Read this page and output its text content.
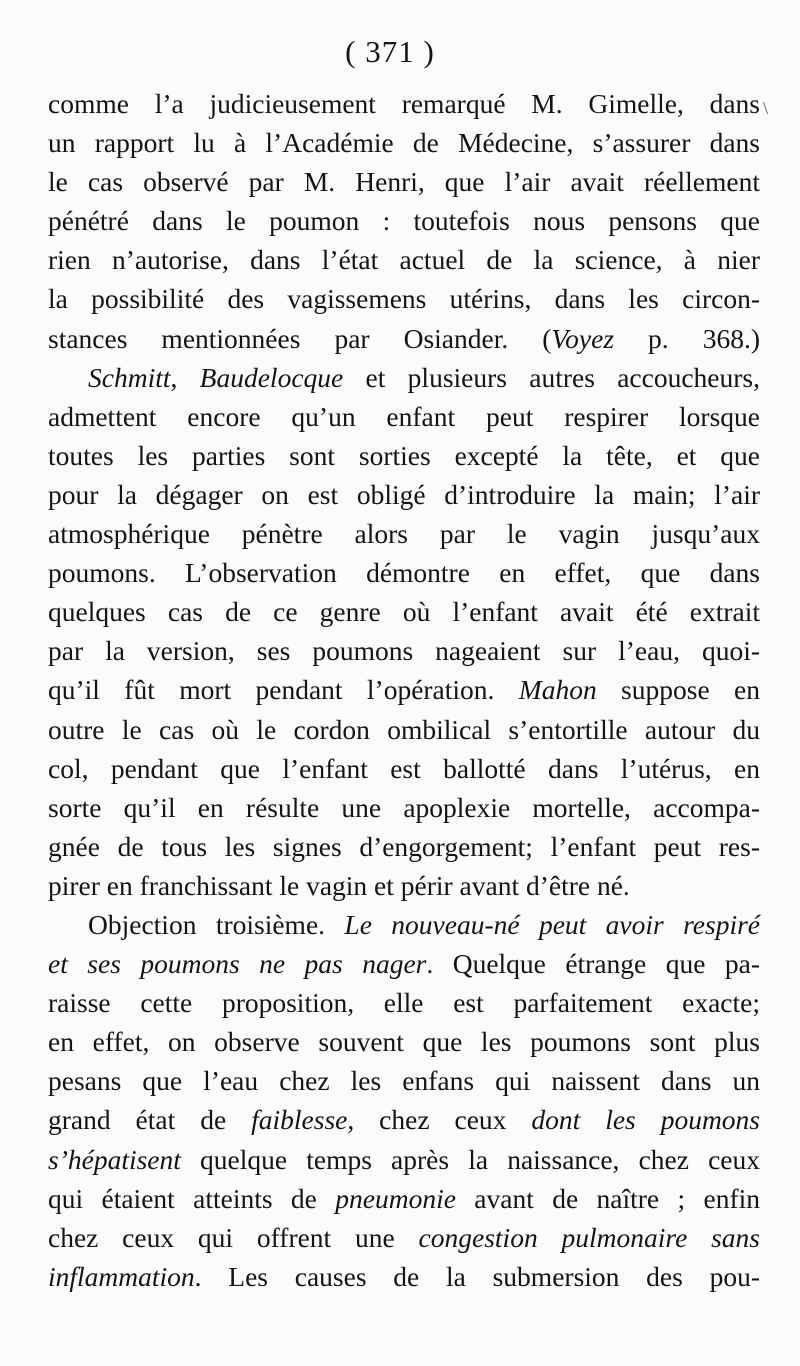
( 371 )
\
comme l’a judicieusement remarqué M. Gimelle, dans
un rapport lu à l’Académie de Médecine, s’assurer dans
le cas observé par M. Henri, que l’air avait réellement
pénétré dans le poumon : toutefois nous pensons que
rien n’autorise, dans l’état actuel de la science, à nier
la possibilité des vagissemens utérins, dans les circon-
stances mentionnées par Osiander. (Voyez p. 368.)
Schmitt, Baudelocque et plusieurs autres accoucheurs,
admettent encore qu’un enfant peut respirer lorsque
toutes les parties sont sorties excepté la tête, et que
pour la dégager on est obligé d’introduire la main; l’air
atmosphérique pénètre alors par le vagin jusqu’aux
poumons. L’observation démontre en effet, que dans
quelques cas de ce genre où l’enfant avait été extrait
par la version, ses poumons nageaient sur l’eau, quoi-
qu’il fût mort pendant l’opération. Mahon suppose en
outre le cas où le cordon ombilical s’entortille autour du
col, pendant que l’enfant est ballotté dans l’utérus, en
sorte qu’il en résulte une apoplexie mortelle, accompa-
gnée de tous les signes d’engorgement; l’enfant peut res-
pirer en franchissant le vagin et périr avant d’être né.
Objection troisième. Le nouveau-né peut avoir respiré
et ses poumons ne pas nager. Quelque étrange que pa-
raisse cette proposition, elle est parfaitement exacte;
en effet, on observe souvent que les poumons sont plus
pesans que l’eau chez les enfans qui naissent dans un
grand état de faiblesse, chez ceux dont les poumons
s’hépatisent quelque temps après la naissance, chez ceux
qui étaient atteints de pneumonie avant de naître ; enfin
chez ceux qui offrent une congestion pulmonaire sans
inflammation. Les causes de la submersion des pou-
